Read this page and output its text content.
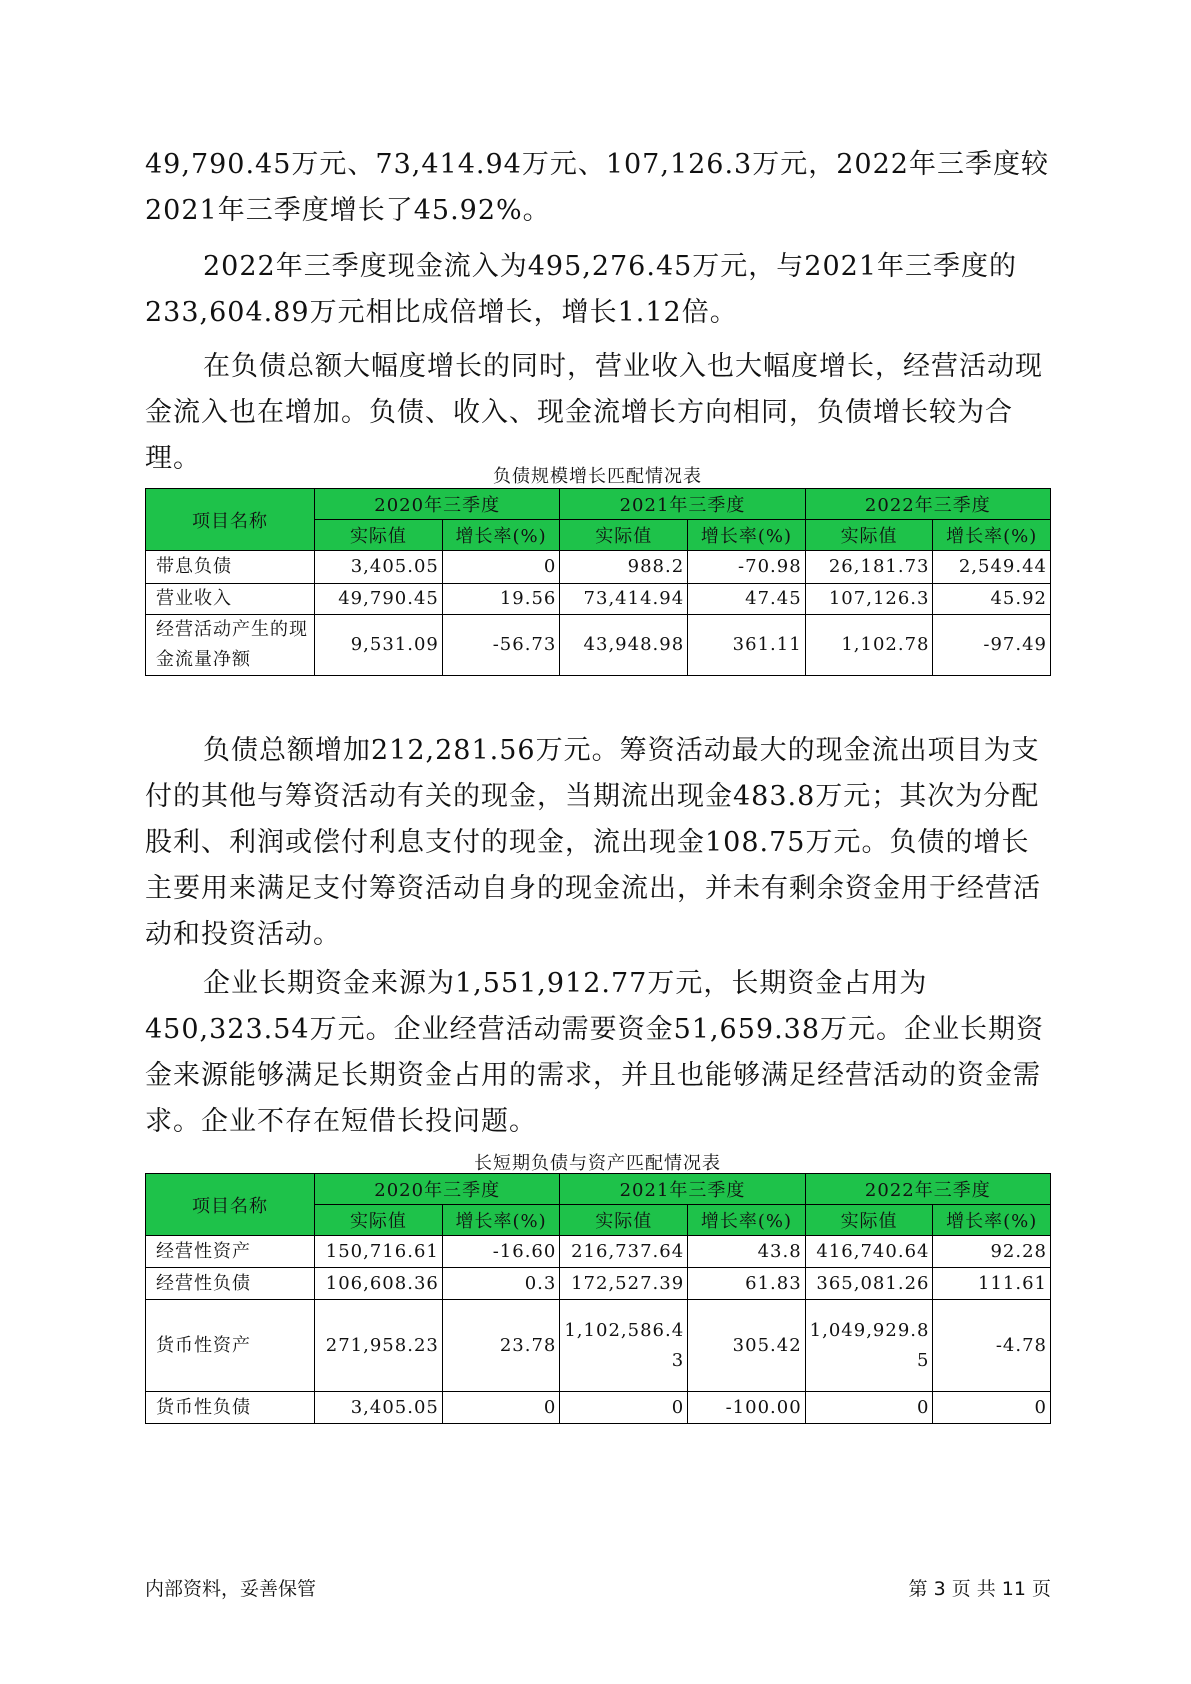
49,790.45万元、73,414.94万元、107,126.3万元，2022年三季度较2021年三季度增长了45.92%。

2022年三季度现金流入为495,276.45万元，与2021年三季度的233,604.89万元相比成倍增长，增长1.12倍。

在负债总额大幅度增长的同时，营业收入也大幅度增长，经营活动现金流入也在增加。负债、收入、现金流增长方向相同，负债增长较为合理。

负债规模增长匹配情况表
项目名称	2020年三季度		2021年三季度		2022年三季度	
	实际值	增长率(%)	实际值	增长率(%)	实际值	增长率(%)
带息负债	3,405.05	0	988.2	-70.98	26,181.73	2,549.44
营业收入	49,790.45	19.56	73,414.94	47.45	107,126.3	45.92
经营活动产生的现金流量净额	9,531.09	-56.73	43,948.98	361.11	1,102.78	-97.49

负债总额增加212,281.56万元。筹资活动最大的现金流出项目为支付的其他与筹资活动有关的现金，当期流出现金483.8万元；其次为分配股利、利润或偿付利息支付的现金，流出现金108.75万元。负债的增长主要用来满足支付筹资活动自身的现金流出，并未有剩余资金用于经营活动和投资活动。

企业长期资金来源为1,551,912.77万元，长期资金占用为450,323.54万元。企业经营活动需要资金51,659.38万元。企业长期资金来源能够满足长期资金占用的需求，并且也能够满足经营活动的资金需求。企业不存在短借长投问题。

长短期负债与资产匹配情况表
项目名称	2020年三季度		2021年三季度		2022年三季度	
	实际值	增长率(%)	实际值	增长率(%)	实际值	增长率(%)
经营性资产	150,716.61	-16.60	216,737.64	43.8	416,740.64	92.28
经营性负债	106,608.36	0.3	172,527.39	61.83	365,081.26	111.61
货币性资产	271,958.23	23.78	1,102,586.43	305.42	1,049,929.85	-4.78
货币性负债	3,405.05	0	0	-100.00	0	0
内部资料，妥善保管	第 3 页 共 11 页
